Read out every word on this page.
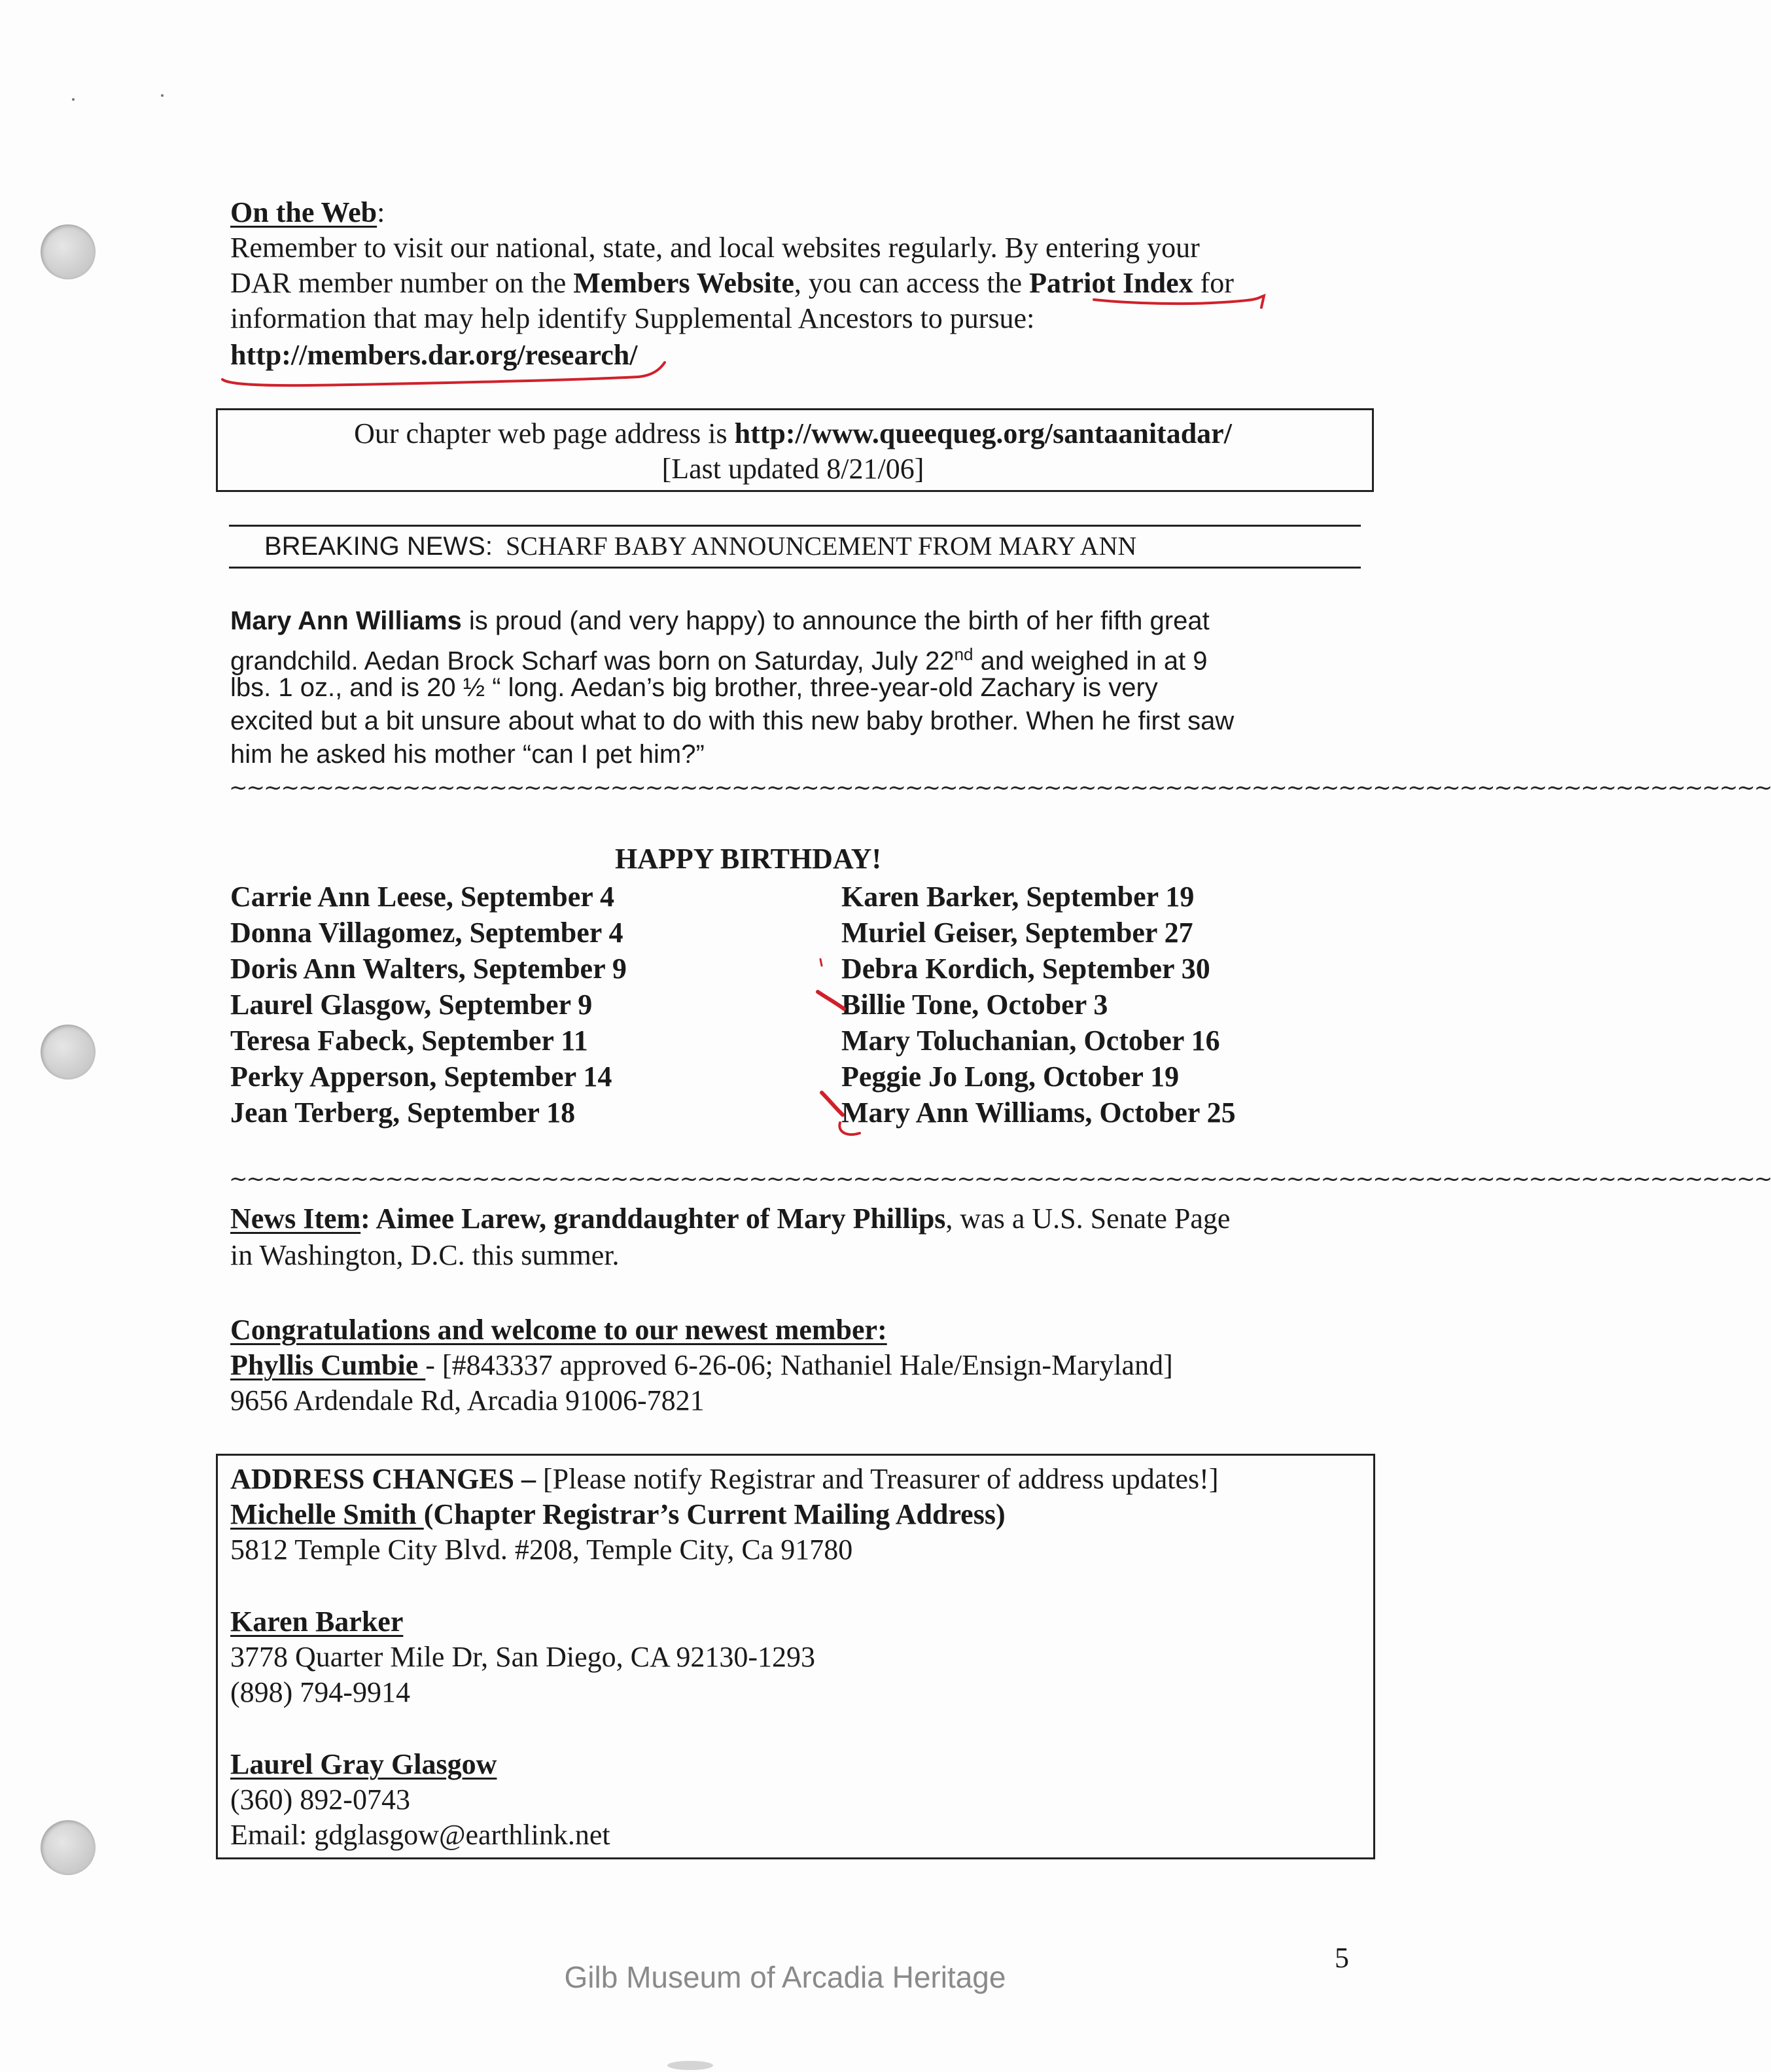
On the Web:
Remember to visit our national, state, and local websites regularly. By entering your
DAR member number on the Members Website, you can access the Patriot Index for
information that may help identify Supplemental Ancestors to pursue:
http://members.dar.org/research/
Our chapter web page address is http://www.queequeg.org/santaanitadar/
[Last updated 8/21/06]
BREAKING NEWS: SCHARF BABY ANNOUNCEMENT FROM MARY ANN
Mary Ann Williams is proud (and very happy) to announce the birth of her fifth great
grandchild. Aedan Brock Scharf was born on Saturday, July 22nd and weighed in at 9
lbs. 1 oz., and is 20 ½ “ long. Aedan’s big brother, three-year-old Zachary is very
excited but a bit unsure about what to do with this new baby brother. When he first saw
him he asked his mother “can I pet him?”
~~~~~~~~~~~~~~~~~~~~~~~~~~~~~~~~~~~~~~~~~~~~~~~~~~~~~~~~~~~~~~~~~~~~~~~~~~~~~~~~~~~~~~~~~
HAPPY BIRTHDAY!
Carrie Ann Leese, September 4
Donna Villagomez, September 4
Doris Ann Walters, September 9
Laurel Glasgow, September 9
Teresa Fabeck, September 11
Perky Apperson, September 14
Jean Terberg, September 18
Karen Barker, September 19
Muriel Geiser, September 27
Debra Kordich, September 30
Billie Tone, October 3
Mary Toluchanian, October 16
Peggie Jo Long, October 19
Mary Ann Williams, October 25
~~~~~~~~~~~~~~~~~~~~~~~~~~~~~~~~~~~~~~~~~~~~~~~~~~~~~~~~~~~~~~~~~~~~~~~~~~~~~~~~~~~~~~~~~
News Item: Aimee Larew, granddaughter of Mary Phillips, was a U.S. Senate Page
in Washington, D.C. this summer.
Congratulations and welcome to our newest member:
Phyllis Cumbie - [#843337 approved 6-26-06; Nathaniel Hale/Ensign-Maryland]
9656 Ardendale Rd, Arcadia 91006-7821
ADDRESS CHANGES – [Please notify Registrar and Treasurer of address updates!]
Michelle Smith (Chapter Registrar’s Current Mailing Address)
5812 Temple City Blvd. #208, Temple City, Ca 91780
Karen Barker
3778 Quarter Mile Dr, San Diego, CA 92130-1293
(898) 794-9914
Laurel Gray Glasgow
(360) 892-0743
Email: gdglasgow@earthlink.net
5
Gilb Museum of Arcadia Heritage
